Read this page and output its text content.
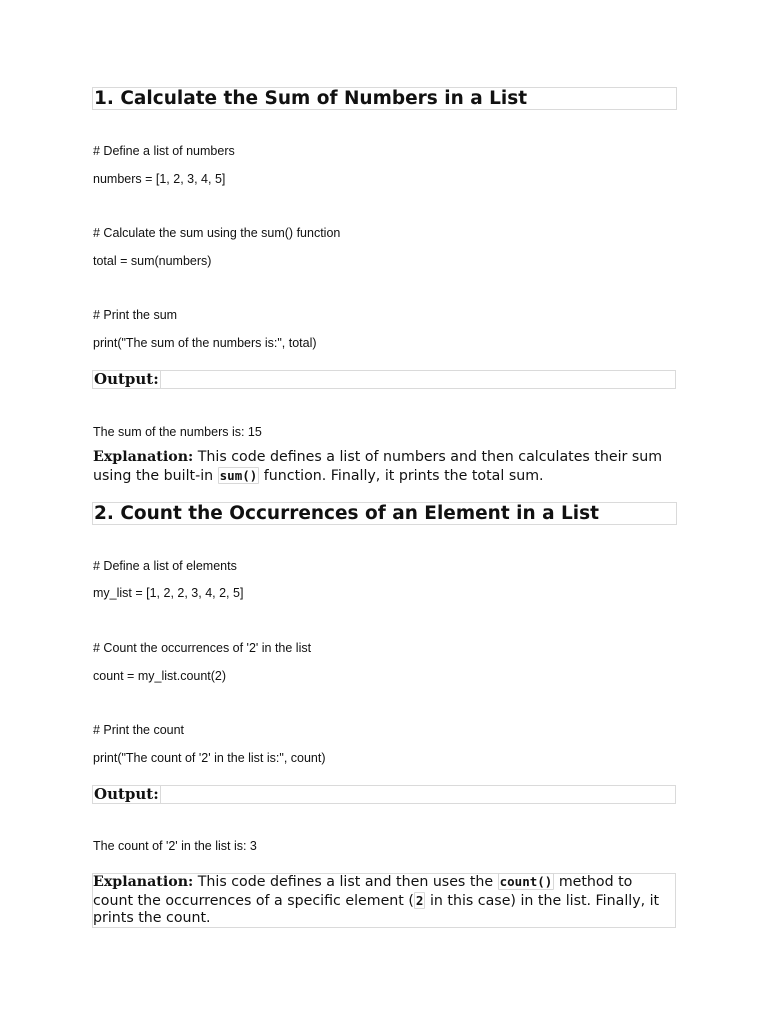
1. Calculate the Sum of Numbers in a List
# Define a list of numbers
numbers = [1, 2, 3, 4, 5]
# Calculate the sum using the sum() function
total = sum(numbers)
# Print the sum
print("The sum of the numbers is:", total)
Output:
The sum of the numbers is: 15
Explanation: This code defines a list of numbers and then calculates their sum using the built-in sum() function. Finally, it prints the total sum.
2. Count the Occurrences of an Element in a List
# Define a list of elements
my_list = [1, 2, 2, 3, 4, 2, 5]
# Count the occurrences of '2' in the list
count = my_list.count(2)
# Print the count
print("The count of '2' in the list is:", count)
Output:
The count of '2' in the list is: 3
Explanation: This code defines a list and then uses the count() method to count the occurrences of a specific element ( 2 in this case) in the list. Finally, it prints the count.
